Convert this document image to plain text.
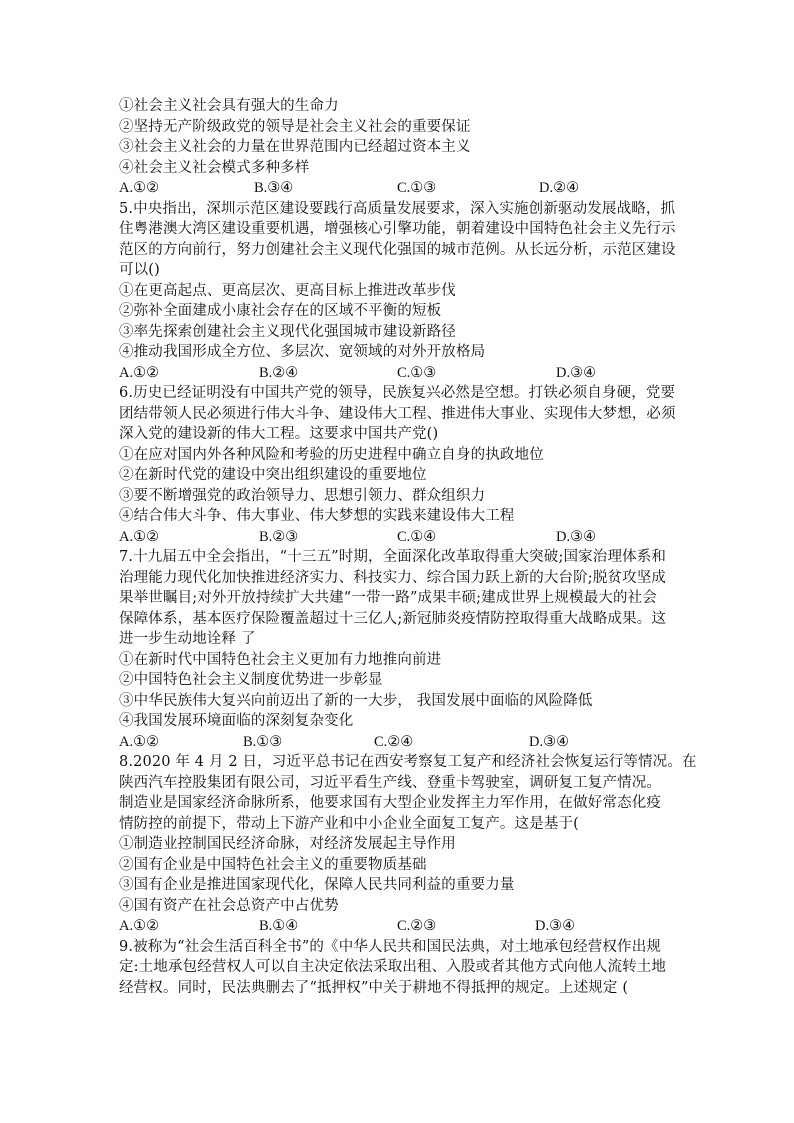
①社会主义社会具有强大的生命力
②坚持无产阶级政党的领导是社会主义社会的重要保证
③社会主义社会的力量在世界范围内已经超过资本主义
④社会主义社会模式多种多样
A.①②	B.③④	C.①③	D.②④
5.中央指出，深圳示范区建设要践行高质量发展要求，深入实施创新驱动发展战略，抓
住粤港澳大湾区建设重要机遇，增强核心引擎功能，朝着建设中国特色社会主义先行示
范区的方向前行，努力创建社会主义现代化强国的城市范例。从长远分析，示范区建设
可以()
①在更高起点、更高层次、更高目标上推进改革步伐
②弥补全面建成小康社会存在的区域不平衡的短板
③率先探索创建社会主义现代化强国城市建设新路径
④推动我国形成全方位、多层次、宽领域的对外开放格局
A.①②	B.②④	C.①③	D.③④
6.历史已经证明没有中国共产党的领导，民族复兴必然是空想。打铁必须自身硬，党要
团结带领人民必须进行伟大斗争、建设伟大工程、推进伟大事业、实现伟大梦想，必须
深入党的建设新的伟大工程。这要求中国共产党()
①在应对国内外各种风险和考验的历史进程中确立自身的执政地位
②在新时代党的建设中突出组织建设的重要地位
③要不断增强党的政治领导力、思想引领力、群众组织力
④结合伟大斗争、伟大事业、伟大梦想的实践来建设伟大工程
A.①②	B.②③	C.①④	D.③④
7.十九届五中全会指出，“十三五”时期，全面深化改革取得重大突破;国家治理体系和
治理能力现代化加快推进经济实力、科技实力、综合国力跃上新的大台阶;脱贫攻坚成
果举世瞩目;对外开放持续扩大共建“一带一路”成果丰硕;建成世界上规模最大的社会
保障体系，基本医疗保险覆盖超过十三亿人;新冠肺炎疫情防控取得重大战略成果。这
进一步生动地诠释 了
①在新时代中国特色社会主义更加有力地推向前进
②中国特色社会主义制度优势进一步彰显
③中华民族伟大复兴向前迈出了新的一大步， 我国发展中面临的风险降低
④我国发展环境面临的深刻复杂变化
A.①②	B.①③	C.②④	D.③④
8.2020 年 4 月 2 日，习近平总书记在西安考察复工复产和经济社会恢复运行等情况。在
陕西汽车控股集团有限公司，习近平看生产线、登重卡驾驶室，调研复工复产情况。
制造业是国家经济命脉所系，他要求国有大型企业发挥主力军作用，在做好常态化疫
情防控的前提下，带动上下游产业和中小企业全面复工复产。这是基于(
①制造业控制国民经济命脉，对经济发展起主导作用
②国有企业是中国特色社会主义的重要物质基础
③国有企业是推进国家现代化，保障人民共同利益的重要力量
④国有资产在社会总资产中占优势
A.①②	B.①④	C.②③	D.③④
9.被称为“社会生活百科全书”的《中华人民共和国民法典，对土地承包经营权作出规
定:土地承包经营权人可以自主决定依法采取出租、入股或者其他方式向他人流转土地
经营权。同时，民法典删去了“抵押权”中关于耕地不得抵押的规定。上述规定 (
